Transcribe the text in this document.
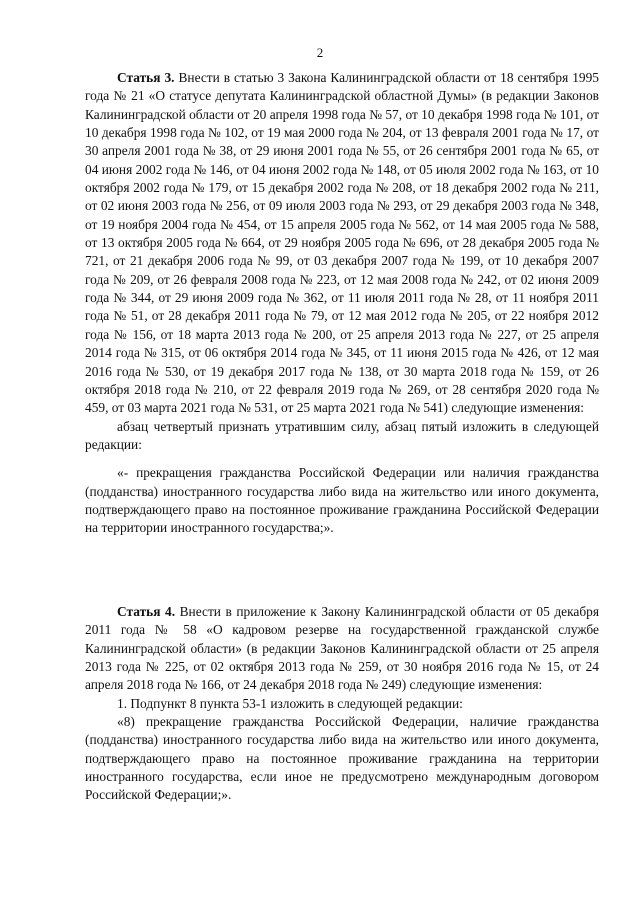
2

Статья 3. Внести в статью 3 Закона Калининградской области от 18 сентября 1995 года № 21 «О статусе депутата Калининградской областной Думы» (в редакции Законов Калининградской области от 20 апреля 1998 года № 57, от 10 декабря 1998 года № 101, от 10 декабря 1998 года № 102, от 19 мая 2000 года № 204, от 13 февраля 2001 года № 17, от 30 апреля 2001 года № 38, от 29 июня 2001 года № 55, от 26 сентября 2001 года № 65, от 04 июня 2002 года № 146, от 04 июня 2002 года № 148, от 05 июля 2002 года № 163, от 10 октября 2002 года № 179, от 15 декабря 2002 года № 208, от 18 декабря 2002 года № 211, от 02 июня 2003 года № 256, от 09 июля 2003 года № 293, от 29 декабря 2003 года № 348, от 19 ноября 2004 года № 454, от 15 апреля 2005 года № 562, от 14 мая 2005 года № 588, от 13 октября 2005 года № 664, от 29 ноября 2005 года № 696, от 28 декабря 2005 года № 721, от 21 декабря 2006 года № 99, от 03 декабря 2007 года № 199, от 10 декабря 2007 года № 209, от 26 февраля 2008 года № 223, от 12 мая 2008 года № 242, от 02 июня 2009 года № 344, от 29 июня 2009 года № 362, от 11 июля 2011 года № 28, от 11 ноября 2011 года № 51, от 28 декабря 2011 года № 79, от 12 мая 2012 года № 205, от 22 ноября 2012 года № 156, от 18 марта 2013 года № 200, от 25 апреля 2013 года № 227, от 25 апреля 2014 года № 315, от 06 октября 2014 года № 345, от 11 июня 2015 года № 426, от 12 мая 2016 года № 530, от 19 декабря 2017 года № 138, от 30 марта 2018 года № 159, от 26 октября 2018 года № 210, от 22 февраля 2019 года № 269, от 28 сентября 2020 года № 459, от 03 марта 2021 года № 531, от 25 марта 2021 года № 541) следующие изменения:

абзац четвертый признать утратившим силу, абзац пятый изложить в следующей редакции:

«- прекращения гражданства Российской Федерации или наличия гражданства (подданства) иностранного государства либо вида на жительство или иного документа, подтверждающего право на постоянное проживание гражданина Российской Федерации на территории иностранного государства;».

Статья 4. Внести в приложение к Закону Калининградской области от 05 декабря 2011 года № 58 «О кадровом резерве на государственной гражданской службе Калининградской области» (в редакции Законов Калининградской области от 25 апреля 2013 года № 225, от 02 октября 2013 года № 259, от 30 ноября 2016 года № 15, от 24 апреля 2018 года № 166, от 24 декабря 2018 года № 249) следующие изменения:

1. Подпункт 8 пункта 53-1 изложить в следующей редакции:

«8) прекращение гражданства Российской Федерации, наличие гражданства (подданства) иностранного государства либо вида на жительство или иного документа, подтверждающего право на постоянное проживание гражданина на территории иностранного государства, если иное не предусмотрено международным договором Российской Федерации;».
